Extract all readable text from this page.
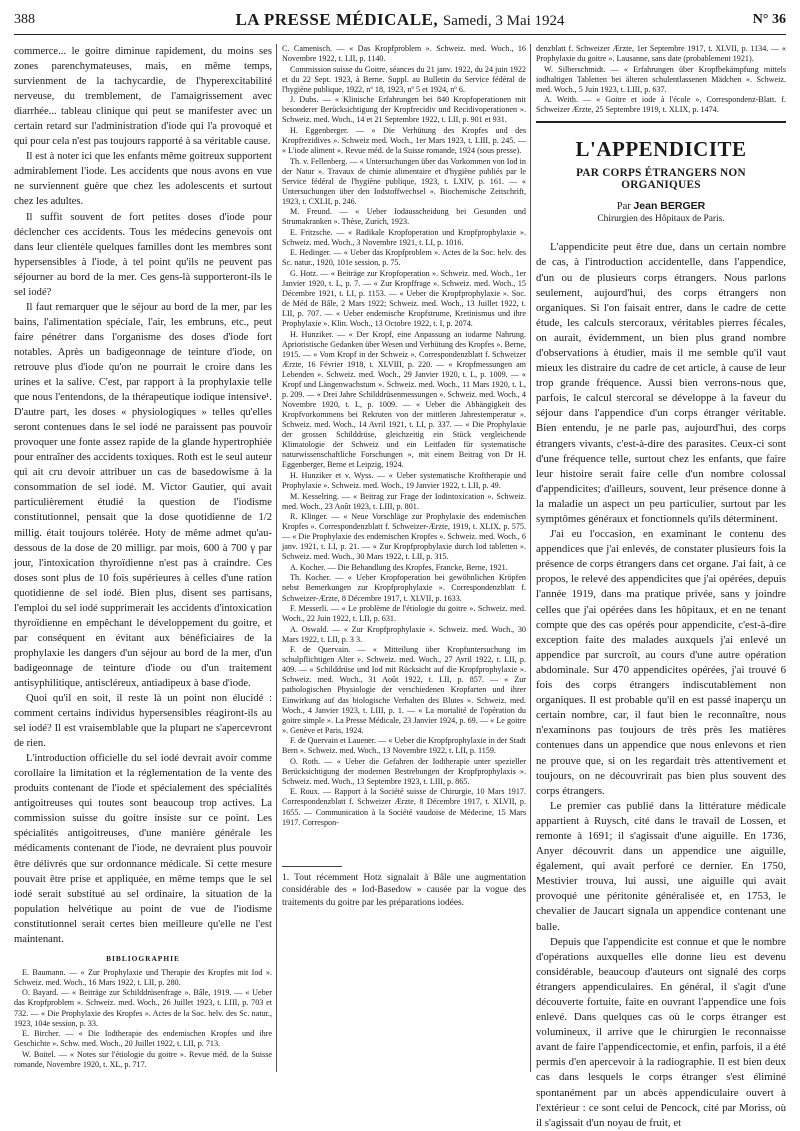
388	LA PRESSE MÉDICALE, Samedi, 3 Mai 1924	N° 36

commerce... le goitre diminue rapidement, du moins ses zones parenchymateuses, mais, en même temps, survienment de la tachycardie, de l'hyperexcitabilité nerveuse, du tremblement, de l'amaigrissement avec diarrhée... tableau clinique qui peut se manifester avec un certain retard sur l'administration d'iode qui l'a provoqué et qui pour cela n'est pas toujours rapporté à sa véritable cause.

Il est à noter ici que les enfants même goitreux supportent admirablement l'iode. Les accidents que nous avons en vue ne surviennent guère que chez les adolescents et surtout chez les adultes.

Il suffit souvent de fort petites doses d'iode pour déclencher ces accidents. Tous les médecins genevois ont dans leur clientèle quelques familles dont les membres sont hypersensibles à l'iode, à tel point qu'ils ne peuvent pas séjourner au bord de la mer. Ces gens-là supporteront-ils le sel iodé?

Il faut remarquer que le séjour au bord de la mer, par les bains, l'alimentation spéciale, l'air, les embruns, etc., peut faire pénétrer dans l'organisme des doses d'iode fort notables. Après un badigeonnage de teinture d'iode, on retrouve plus d'iode qu'on ne pourrait le croire dans les urines et la salive. C'est, par rapport à la prophylaxie telle que nous l'entendons, de la thérapeutique iodique intensive¹. D'autre part, les doses « physiologiques » telles qu'elles seront contenues dans le sel iodé ne paraissent pas pouvoir provoquer une fonte assez rapide de la glande hypertrophiée pour entraîner des accidents toxiques. Roth est le seul auteur qui ait cru devoir attribuer un cas de basedowisme à la consommation de sel iodé. M. Victor Gautier, qui avait particulièrement étudié la question de l'iodisme constitutionnel, pensait que la dose quotidienne de 1/2 millig. était toujours tolérée. Hoty de même admet qu'au-dessous de la dose de 20 milligr. par mois, 600 à 700 γ par jour, l'intoxication thyroïdienne n'est pas à craindre. Ces doses sont plus de 10 fois supérieures à celles d'une ration quotidienne de sel iodé. Bien plus, disent ses partisans, l'emploi du sel iodé supprimerait les accidents d'intoxication thyroïdienne en empêchant le développement du goitre, et par conséquent en évitant aux bénéficiaires de la prophylaxie les dangers d'un séjour au bord de la mer, d'un badigeonnage de teinture d'iode ou d'un traitement antisyphilitique, antiscléreux, antiadipeux à base d'iode.

Quoi qu'il en soit, il reste là un point non élucidé : comment certains individus hypersensibles réagiront-ils au sel iodé? Il est vraisemblable que la plupart ne s'apercevront de rien.

L'introduction officielle du sel iodé devrait avoir comme corollaire la limitation et la réglementation de la vente des produits contenant de l'iode et spécialement des spécialités antigoitreuses qui toutes sont beaucoup trop actives. La commission suisse du goitre insiste sur ce point. Les spécialités antigoitreuses, d'une manière générale les médicaments contenant de l'iode, ne devraient plus pouvoir être délivrés que sur ordonnance médicale. Si cette mesure pouvait être prise et appliquée, en même temps que le sel iodé serait substitué au sel ordinaire, la situation de la population helvétique au point de vue de l'iodisme constitutionnel serait certes bien meilleure qu'elle ne l'est maintenant.

BIBLIOGRAPHIE

E. Baumann. — « Zur Prophylaxie und Therapie des Kropfes mit Iod ». Schweiz. med. Woch., 16 Mars 1922, t. LII, p. 280.

O. Bayard. — « Beiträge zur Schilddrüsenfrage ». Bâle, 1919. — « Ueber das Kropfproblem ». Schweiz. med. Woch., 26 Juillet 1923, t. LIII, p. 703 et 732. — « Die Prophylaxie des Kropfes ». Actes de la Soc. helv. des Sc. natur., 1923, 104e session, p. 33.

E. Bircher. — « Die Iodtherapie des endemischen Kropfes und ihre Geschichte ». Schw. med. Woch., 20 Juillet 1922, t. LII, p. 713.

W. Boitel. — « Notes sur l'étiologie du goitre ». Revue méd. de la Suisse romande, Novembre 1920, t. XL, p. 717.

C. Camenisch. — « Das Kropfproblem ». Schweiz. med. Woch., 16 Novembre 1922, t. LII, p. 1140.

Commission suisse du Goitre, séances du 21 janv. 1922, du 24 juin 1922 et du 22 Sept. 1923, à Berne. Suppl. au Bulletin du Service fédéral de l'hygiène publique, 1922, nº 18, 1923, nº 5 et 1924, nº 6.

J. Dubs. — « Klinische Erfahrungen bei 840 Kropfoperationen mit besonderer Berücksichtigung der Kropfrecidiv und Recidivoperationen ». Schweiz. med. Woch., 14 et 21 Septembre 1922, t. LII, p. 901 et 931.

H. Eggenberger. — « Die Verhütung des Kropfes und des Kropfrezidives ». Schweiz med. Woch., 1er Mars 1923, t. LIII, p. 245. — « L'iode aliment ». Revue méd. de la Suisse romande, 1924 (sous presse).

Th. v. Fellenberg. — « Untersuchungen über das Vorkommen von Iod in der Natur ». Travaux de chimie alimentaire et d'hygiène publiés par le Service fédéral de l'hygiène publique, 1923, t. LXIV, p. 161. — « Untersuchungen über den Iodstoffwechsel ». Biochemische Zeitschrift, 1923, t. CXLII, p. 246.

M. Freund. — « Ueber Iodausscheidung bei Gesunden und Strumakranken ». Thèse, Zurich, 1923.

E. Fritzsche. — « Radikale Kropfoperation und Kropfprophylaxie ». Schweiz. med. Woch., 3 Novembre 1921, t. LI, p. 1016.

E. Hedinger. — « Ueber das Kropfproblem ». Actes de la Soc. helv. des Sc. natur., 1920, 101e session, p. 75.

G. Hotz. — « Beiträge zur Kropfoperation ». Schweiz. med. Woch., 1er Janvier 1920, t. L, p. 7. — « Zur Kropffrage ». Schweiz. med. Woch., 15 Décembre 1921, t. LI, p. 1153. — « Ueber die Kropfprophylaxie ». Soc. de Méd de Bâle, 2 Mars 1922; Schweiz. med. Woch., 13 Juillet 1922, t. LII, p. 707. — « Ueber endemische Kropfstrume, Kretinismus und ihre Prophylaxie ». Klin. Woch., 13 Octobre 1922, t. I, p. 2074.

H. Hunziker. — « Der Kropf, eine Anpassung an iodarme Nahrung. Aprioristische Gedanken über Wesen und Verhütung des Kropfes ». Berne, 1915. — « Vom Kropf in der Schweiz ». Correspondenzblatt f. Schweizer Ærzte, 16 Février 1918, t. XLVIII, p. 220. — « Kropfmessungen am Lebenden ». Schweiz. med. Woch., 29 Janvier 1920, t. L, p. 1009. — « Kropf und Längenwachstum ». Schweiz. med. Woch., 11 Mars 1920, t. L, p. 209. — « Drei Jahre Schilddrüsenmessungen ». Schweiz. med. Woch., 4 Novembre 1920, t. L, p. 1009. — « Ueber die Abhängigkeit des Kropfvorkommens bei Rekruten von der mittleren Jahrestemperatur ». Schweiz. med. Woch., 14 Avril 1921, t. LI, p. 337. — « Die Prophylaxie der grossen Schilddrüse, gleichzeitig ein Stück vergleichende Klimatologie der Schweiz und ein Leitfaden für systematische naturwissenschaftliche Forschungen », mit einem Beitrag von Dr H. Eggenberger, Berne et Leipzig, 1924.

H. Hunziker et v. Wyss. — « Ueber systematische Kroftherapie und Prophylaxie ». Schweiz. med. Woch., 19 Janvier 1922, t. LII, p. 49.

M. Kesselring. — « Beitrag zur Frage der Iodintoxication ». Schweiz. med. Woch., 23 Août 1923, t. LIII, p. 801.

R. Klinger. — « Neue Vorschläge zur Prophylaxie des endemischen Kropfes ». Correspondenzblatt f. Schweizer-Ærzte, 1919, t. XLIX, p. 575. — « Die Prophylaxie des endemischen Kropfes ». Schweiz. med. Woch., 6 janv. 1921, t. LI, p. 21. — « Zur Kropfprophylaxie durch Iod tabletten ». Schweiz. med. Woch., 30 Mars 1922, t. LII, p. 315.

A. Kocher. — Die Behandlung des Kropfes, Francke, Berne, 1921.

Th. Kocher. — « Ueber Kropfoperation bei gewöhnlichen Kröpfen nebst Bemerkungen zur Kropfprophylaxie ». Correspondenzblatt f. Schweizer-Ærzte, 8 Décembre 1917, t. XLVII, p. 1633.

F. Messerli. — « Le problème de l'étiologie du goitre ». Schweiz. med. Woch., 22 Juin 1922, t. LII, p. 631.

A. Oswald. — « Zur Kropfprophylaxie ». Schweiz. med. Woch., 30 Mars 1922, t. LII, p. 3 3.

F. de Quervain. — « Mitteilung über Kropfuntersuchung im schulpflichtigen Alter ». Schweiz. med. Woch., 27 Avril 1922, t. LII, p. 409. — « Schilddrüse und Iod mit Rücksicht auf die Kropfprophylaxie ». Schweiz. med. Woch., 31 Août 1922, t. LII, p. 857. — « Zur pathologischen Physiologie der verschiedenen Kropfarten und ihrer Einwirkung auf das biologische Verhalten des Blutes ». Schweiz. med. Woch., 4 Janvier 1923, t. LIII, p. 1. — « La mortalité de l'opération du goitre simple ». La Presse Médicale, 23 Janvier 1924, p. 69. — « Le goitre ». Genève et Paris, 1924.

F. de Quervain et Lauener. — « Ueber die Kropfprophylaxie in der Stadt Bern ». Schweiz. med. Woch., 13 Novembre 1922, t. LII, p. 1159.

O. Roth. — « Ueber die Gefahren der Iodtherapie unter spezieller Berücksichtigung der modernen Bestrebungen der Kropfprophylaxis ». Schweiz. med. Woch., 13 Septembre 1923, t. LIII, p. 865.

E. Roux. — Rapport à la Société suisse de Chirurgie, 10 Mars 1917. Correspondenzblatt f. Schweizer Ærzte, 8 Décembre 1917, t. XLVII, p. 1655. — Communication à la Société vaudoise de Médecine, 15 Mars 1917. Correspon-

1. Tout récemment Hotz signalait à Bâle une augmentation considérable des « Iod-Basedow » causée par la vogue des traitements du goitre par les préparations iodées.

denzblatt f. Schweizer Ærzte, 1er Septembre 1917, t. XLVII, p. 1134. — « Prophylaxie du goitre ». Lausanne, sans date (probablement 1921).

W. Silberschmidt. — « Erfahrungen über Kropfbekämpfung mittels iodhaltigen Tabletten bei älteren schulentlassenen Mädchen ». Schweiz. med. Woch., 5 Juin 1923, t. LIII, p. 637.

A. Weith. — « Goitre et iode à l'école ». Correspondenz-Blatt. f. Schweizer Ærzte, 25 Septembre 1919, t. XLIX, p. 1474.

L'APPENDICITE
PAR CORPS ÉTRANGERS NON ORGANIQUES
Par Jean BERGER
Chirurgien des Hôpitaux de Paris.

L'appendicite peut être due, dans un certain nombre de cas, à l'introduction accidentelle, dans l'appendice, d'un ou de plusieurs corps étrangers. Nous parlons seulement, aujourd'hui, des corps étrangers non organiques. Si l'on faisait entrer, dans le cadre de cette étude, les calculs stercoraux, véritables pierres fécales, on aurait, évidemment, un bien plus grand nombre d'observations à étudier, mais il me semble qu'il vaut mieux les distraire du cadre de cet article, à cause de leur trop grande fréquence. Aussi bien verrons-nous que, parfois, le calcul stercoral se développe à la faveur du séjour dans l'appendice d'un corps étranger véritable. Bien entendu, je ne parle pas, aujourd'hui, des corps étrangers vivants, c'est-à-dire des parasites. Ceux-ci sont d'une fréquence telle, surtout chez les enfants, que faire leur histoire serait faire celle d'un nombre colossal d'appendicites; d'ailleurs, souvent, leur présence donne à la maladie un aspect un peu particulier, surtout par les symptômes généraux et fonctionnels qu'ils déterminent.

J'ai eu l'occasion, en examinant le contenu des appendices que j'ai enlevés, de constater plusieurs fois la présence de corps étrangers dans cet organe. J'ai fait, à ce propos, le relevé des appendicites que j'ai opérées, depuis l'année 1919, dans ma pratique privée, sans y joindre celles que j'ai opérées dans les hôpitaux, et en ne tenant compte que des cas opérés pour appendicite, c'est-à-dire exception faite des malades auxquels j'ai enlevé un appendice par surcroît, au cours d'une autre opération abdominale. Sur 470 appendicites opérées, j'ai trouvé 6 fois des corps étrangers indiscutablement non organiques. Il est probable qu'il en est passé inaperçu un certain nombre, car, il faut bien le reconnaître, nous n'examinons pas toujours de très près les matières contenues dans un appendice que nous enlevons et rien ne prouve que, si on les regardait très attentivement et toujours, on ne découvrirait pas bien plus souvent des corps étrangers.

Le premier cas publié dans la littérature médicale appartient à Ruysch, cité dans le travail de Lossen, et remonte à 1691; il s'agissait d'une aiguille. En 1736, Anyer découvrit dans un appendice une aiguille, également, qui avait perforé ce dernier. En 1750, Mestivier trouva, lui aussi, une aiguille qui avait provoqué une péritonite généralisée et, en 1753, le chevalier de Jaucart signala un appendice contenant une balle.

Depuis que l'appendicite est connue et que le nombre d'opérations auxquelles elle donne lieu est devenu considérable, beaucoup d'auteurs ont signalé des corps étrangers appendiculaires. En général, il s'agit d'une découverte fortuite, faite en ouvrant l'appendice une fois enlevé. Dans quelques cas où le corps étranger est volumineux, il arrive que le chirurgien le reconnaisse avant de faire l'appendicectomie, et enfin, parfois, il a été permis d'en apercevoir à la radiographie. Il est bien deux cas dans lesquels le corps étranger s'est éliminé spontanément par un abcès appendiculaire ouvert à l'extérieur : ce sont celui de Pencock, cité par Moriss, où il s'agissait d'un noyau de fruit, et
